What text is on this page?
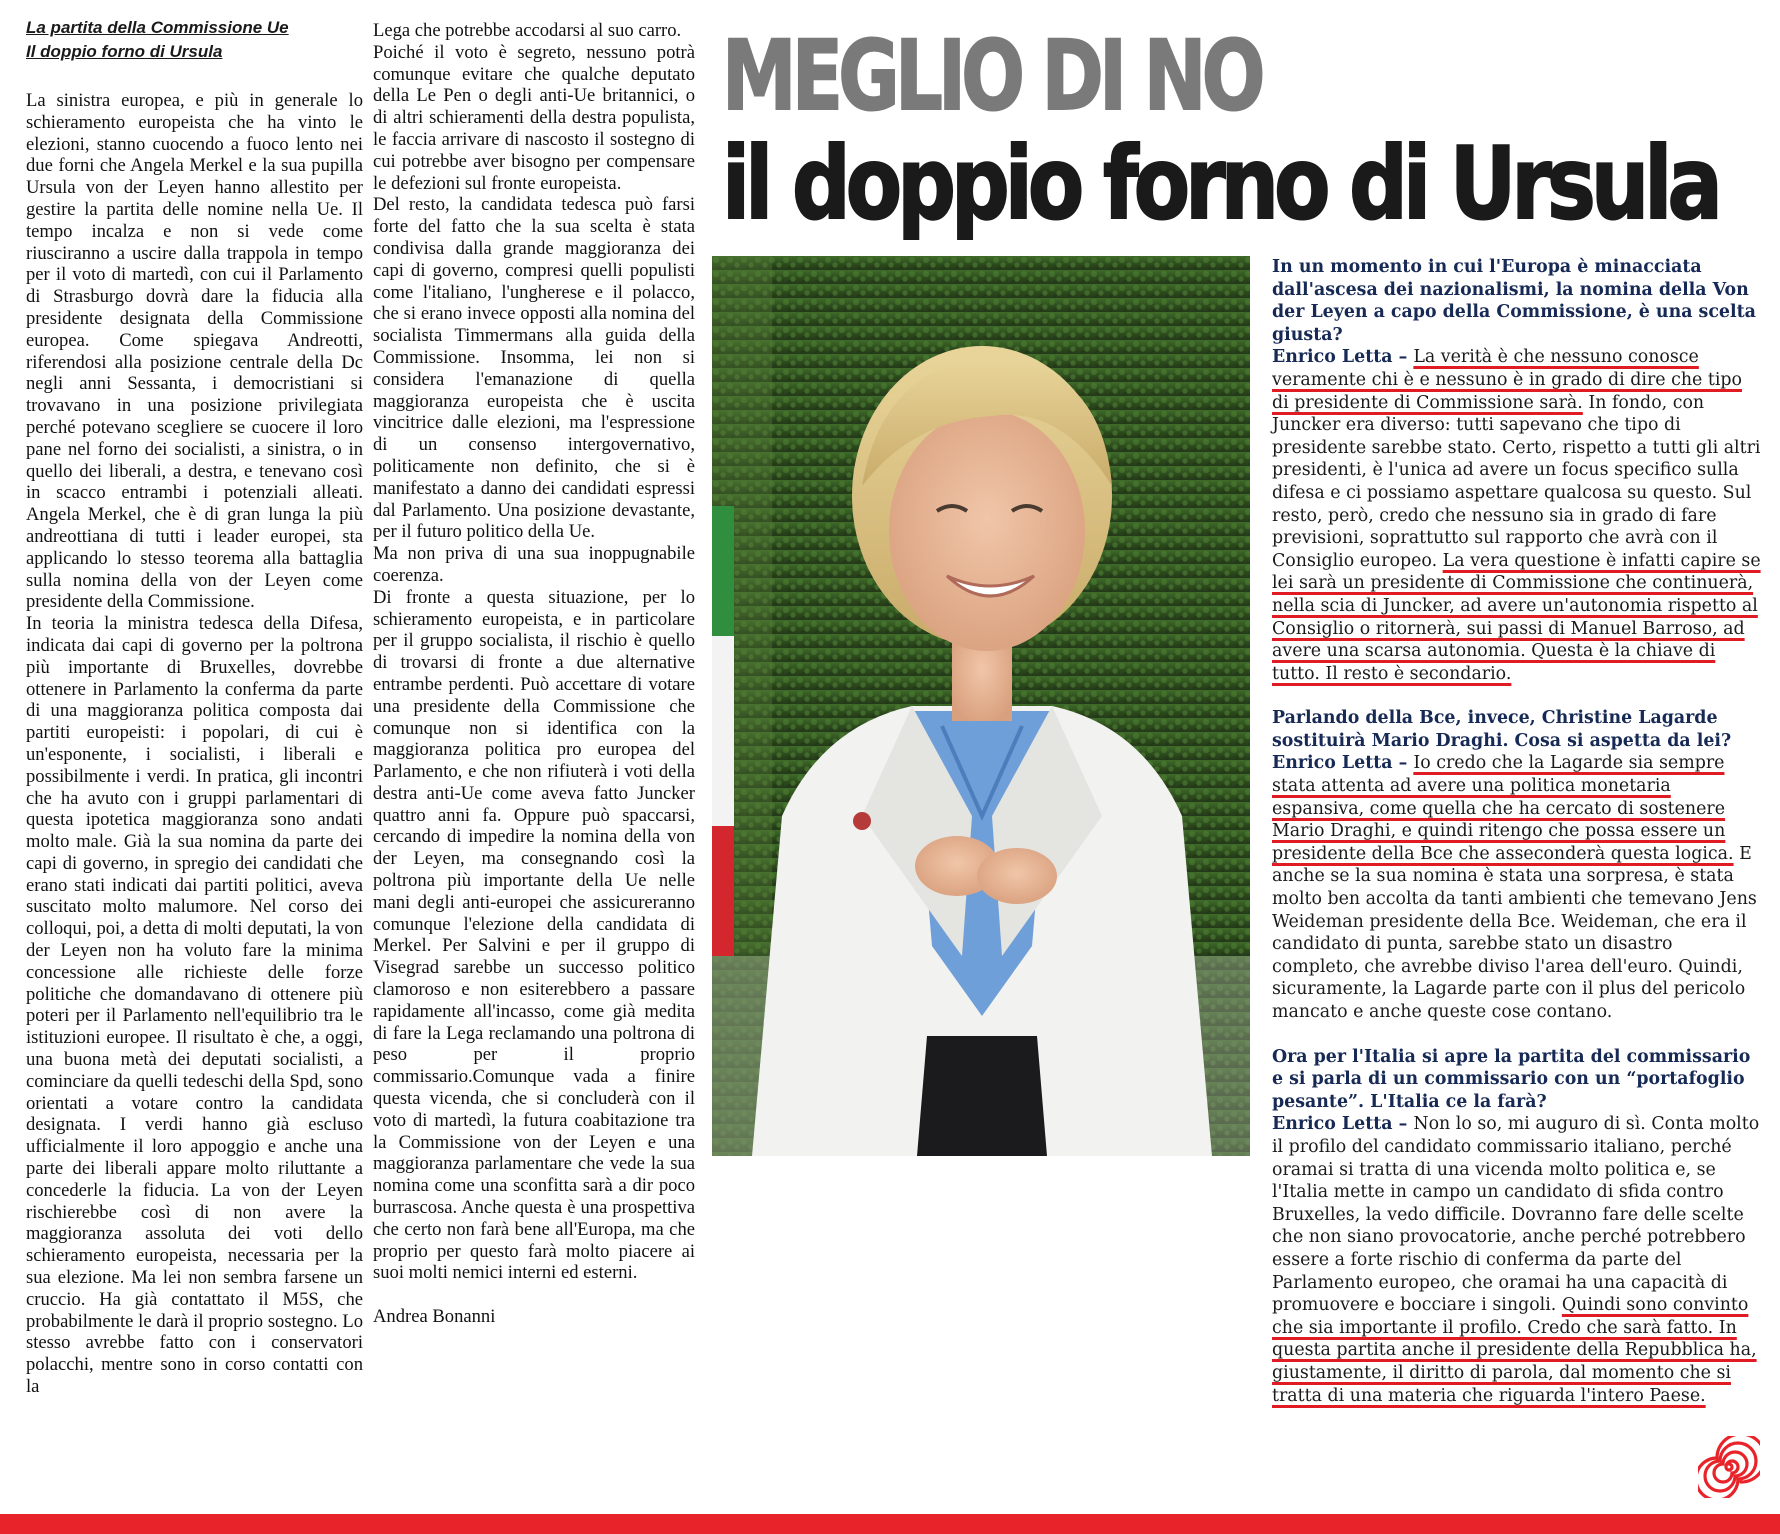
La partita della Commissione Ue
Il doppio forno di Ursula

La sinistra europea, e più in generale lo schieramento europeista che ha vinto le elezioni, stanno cuocendo a fuoco lento nei due forni che Angela Merkel e la sua pupilla Ursula von der Leyen hanno allestito per gestire la partita delle nomine nella Ue. Il tempo incalza e non si vede come riusciranno a uscire dalla trappola in tempo per il voto di martedì, con cui il Parlamento di Strasburgo dovrà dare la fiducia alla presidente designata della Commissione europea. Come spiegava Andreotti, riferendosi alla posizione centrale della Dc negli anni Sessanta, i democristiani si trovavano in una posizione privilegiata perché potevano scegliere se cuocere il loro pane nel forno dei socialisti, a sinistra, o in quello dei liberali, a destra, e tenevano così in scacco entrambi i potenziali alleati. Angela Merkel, che è di gran lunga la più andreottiana di tutti i leader europei, sta applicando lo stesso teorema alla battaglia sulla nomina della von der Leyen come presidente della Commissione.

In teoria la ministra tedesca della Difesa, indicata dai capi di governo per la poltrona più importante di Bruxelles, dovrebbe ottenere in Parlamento la conferma da parte di una maggioranza politica composta dai partiti europeisti: i popolari, di cui è un'esponente, i socialisti, i liberali e possibilmente i verdi. In pratica, gli incontri che ha avuto con i gruppi parlamentari di questa ipotetica maggioranza sono andati molto male. Già la sua nomina da parte dei capi di governo, in spregio dei candidati che erano stati indicati dai partiti politici, aveva suscitato molto malumore. Nel corso dei colloqui, poi, a detta di molti deputati, la von der Leyen non ha voluto fare la minima concessione alle richieste delle forze politiche che domandavano di ottenere più poteri per il Parlamento nell'equilibrio tra le istituzioni europee. Il risultato è che, a oggi, una buona metà dei deputati socialisti, a cominciare da quelli tedeschi della Spd, sono orientati a votare contro la candidata designata. I verdi hanno già escluso ufficialmente il loro appoggio e anche una parte dei liberali appare molto riluttante a concederle la fiducia. La von der Leyen rischierebbe così di non avere la maggioranza assoluta dei voti dello schieramento europeista, necessaria per la sua elezione. Ma lei non sembra farsene un cruccio. Ha già contattato il M5S, che probabilmente le darà il proprio sostegno. Lo stesso avrebbe fatto con i conservatori polacchi, mentre sono in corso contatti con la

Lega che potrebbe accodarsi al suo carro.

Poiché il voto è segreto, nessuno potrà comunque evitare che qualche deputato della Le Pen o degli anti-Ue britannici, o di altri schieramenti della destra populista, le faccia arrivare di nascosto il sostegno di cui potrebbe aver bisogno per compensare le defezioni sul fronte europeista.

Del resto, la candidata tedesca può farsi forte del fatto che la sua scelta è stata condivisa dalla grande maggioranza dei capi di governo, compresi quelli populisti come l'italiano, l'ungherese e il polacco, che si erano invece opposti alla nomina del socialista Timmermans alla guida della Commissione. Insomma, lei non si considera l'emanazione di quella maggioranza europeista che è uscita vincitrice dalle elezioni, ma l'espressione di un consenso intergovernativo, politicamente non definito, che si è manifestato a danno dei candidati espressi dal Parlamento. Una posizione devastante, per il futuro politico della Ue.

Ma non priva di una sua inoppugnabile coerenza.

Di fronte a questa situazione, per lo schieramento europeista, e in particolare per il gruppo socialista, il rischio è quello di trovarsi di fronte a due alternative entrambe perdenti. Può accettare di votare una presidente della Commissione che comunque non si identifica con la maggioranza politica pro europea del Parlamento, e che non rifiuterà i voti della destra anti-Ue come aveva fatto Juncker quattro anni fa. Oppure può spaccarsi, cercando di impedire la nomina della von der Leyen, ma consegnando così la poltrona più importante della Ue nelle mani degli anti-europei che assicureranno comunque l'elezione della candidata di Merkel. Per Salvini e per il gruppo di Visegrad sarebbe un successo politico clamoroso e non esiterebbero a passare rapidamente all'incasso, come già medita di fare la Lega reclamando una poltrona di peso per il proprio commissario.Comunque vada a finire questa vicenda, che si concluderà con il voto di martedì, la futura coabitazione tra la Commissione von der Leyen e una maggioranza parlamentare che vede la sua nomina come una sconfitta sarà a dir poco burrascosa. Anche questa è una prospettiva che certo non farà bene all'Europa, ma che proprio per questo farà molto piacere ai suoi molti nemici interni ed esterni.

Andrea Bonanni

MEGLIO DI NO
il doppio forno di Ursula

In un momento in cui l'Europa è minacciata dall'ascesa dei nazionalismi, la nomina della Von der Leyen a capo della Commissione, è una scelta giusta?

Enrico Letta – La verità è che nessuno conosce veramente chi è e nessuno è in grado di dire che tipo di presidente di Commissione sarà. In fondo, con Juncker era diverso: tutti sapevano che tipo di presidente sarebbe stato. Certo, rispetto a tutti gli altri presidenti, è l'unica ad avere un focus specifico sulla difesa e ci possiamo aspettare qualcosa su questo. Sul resto, però, credo che nessuno sia in grado di fare previsioni, soprattutto sul rapporto che avrà con il Consiglio europeo. La vera questione è infatti capire se lei sarà un presidente di Commissione che continuerà, nella scia di Juncker, ad avere un'autonomia rispetto al Consiglio o ritornerà, sui passi di Manuel Barroso, ad avere una scarsa autonomia. Questa è la chiave di tutto. Il resto è secondario.

Parlando della Bce, invece, Christine Lagarde sostituirà Mario Draghi. Cosa si aspetta da lei?

Enrico Letta – Io credo che la Lagarde sia sempre stata attenta ad avere una politica monetaria espansiva, come quella che ha cercato di sostenere Mario Draghi, e quindi ritengo che possa essere un presidente della Bce che asseconderà questa logica. E anche se la sua nomina è stata una sorpresa, è stata molto ben accolta da tanti ambienti che temevano Jens Weideman presidente della Bce. Weideman, che era il candidato di punta, sarebbe stato un disastro completo, che avrebbe diviso l'area dell'euro. Quindi, sicuramente, la Lagarde parte con il plus del pericolo mancato e anche queste cose contano.

Ora per l'Italia si apre la partita del commissario e si parla di un commissario con un “portafoglio pesante”. L'Italia ce la farà?

Enrico Letta – Non lo so, mi auguro di sì. Conta molto il profilo del candidato commissario italiano, perché oramai si tratta di una vicenda molto politica e, se l'Italia mette in campo un candidato di sfida contro Bruxelles, la vedo difficile. Dovranno fare delle scelte che non siano provocatorie, anche perché potrebbero essere a forte rischio di conferma da parte del Parlamento europeo, che oramai ha una capacità di promuovere e bocciare i singoli. Quindi sono convinto che sia importante il profilo. Credo che sarà fatto. In questa partita anche il presidente della Repubblica ha, giustamente, il diritto di parola, dal momento che si tratta di una materia che riguarda l'intero Paese.
